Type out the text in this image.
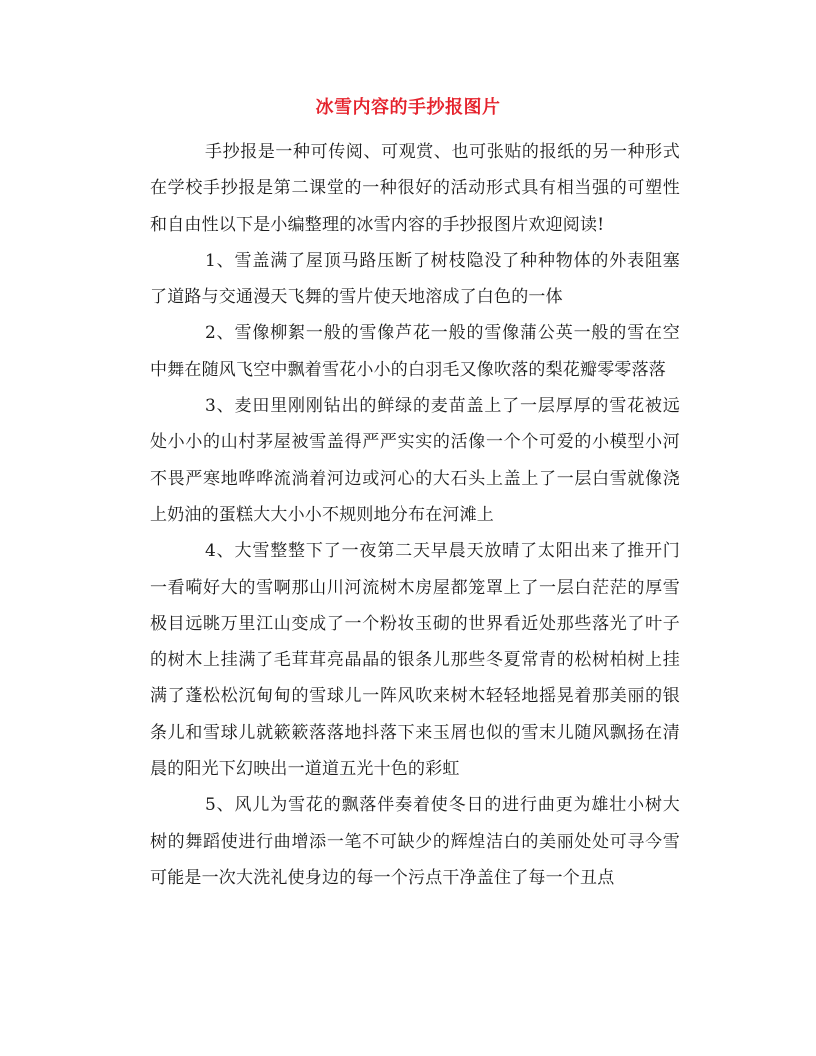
冰雪内容的手抄报图片

手抄报是一种可传阅、可观赏、也可张贴的报纸的另一种形式在学校手抄报是第二课堂的一种很好的活动形式具有相当强的可塑性和自由性以下是小编整理的冰雪内容的手抄报图片欢迎阅读!

1、雪盖满了屋顶马路压断了树枝隐没了种种物体的外表阻塞了道路与交通漫天飞舞的雪片使天地溶成了白色的一体

2、雪像柳絮一般的雪像芦花一般的雪像蒲公英一般的雪在空中舞在随风飞空中飘着雪花小小的白羽毛又像吹落的梨花瓣零零落落

3、麦田里刚刚钻出的鲜绿的麦苗盖上了一层厚厚的雪花被远处小小的山村茅屋被雪盖得严严实实的活像一个个可爱的小模型小河不畏严寒地哗哗流淌着河边或河心的大石头上盖上了一层白雪就像浇上奶油的蛋糕大大小小不规则地分布在河滩上

4、大雪整整下了一夜第二天早晨天放晴了太阳出来了推开门一看嗬好大的雪啊那山川河流树木房屋都笼罩上了一层白茫茫的厚雪极目远眺万里江山变成了一个粉妆玉砌的世界看近处那些落光了叶子的树木上挂满了毛茸茸亮晶晶的银条儿那些冬夏常青的松树柏树上挂满了蓬松松沉甸甸的雪球儿一阵风吹来树木轻轻地摇晃着那美丽的银条儿和雪球儿就簌簌落落地抖落下来玉屑也似的雪末儿随风飘扬在清晨的阳光下幻映出一道道五光十色的彩虹

5、风儿为雪花的飘落伴奏着使冬日的进行曲更为雄壮小树大树的舞蹈使进行曲增添一笔不可缺少的辉煌洁白的美丽处处可寻今雪可能是一次大洗礼使身边的每一个污点干净盖住了每一个丑点
